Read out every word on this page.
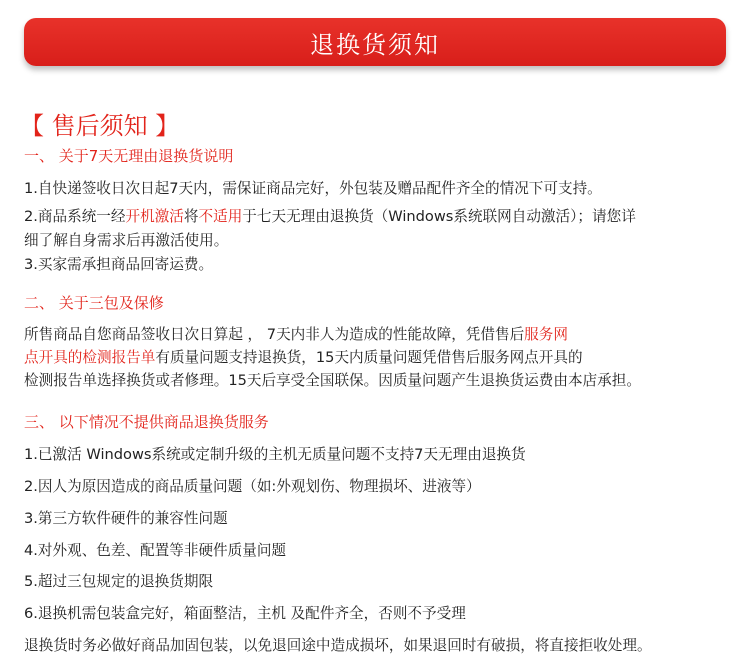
退换货须知
【 售后须知 】
一、 关于7天无理由退换货说明
1.自快递签收日次日起7天内，需保证商品完好，外包装及赠品配件齐全的情况下可支持。
2.商品系统一经开机激活将不适用于七天无理由退换货（Windows系统联网自动激活）；请您详
细了解自身需求后再激活使用。
3.买家需承担商品回寄运费。
二、 关于三包及保修
所售商品自您商品签收日次日算起 ， 7天内非人为造成的性能故障，凭借售后服务网
点开具的检测报告单有质量问题支持退换货，15天内质量问题凭借售后服务网点开具的
检测报告单选择换货或者修理。15天后享受全国联保。因质量问题产生退换货运费由本店承担。
三、 以下情况不提供商品退换货服务
1.已激活 Windows系统或定制升级的主机无质量问题不支持7天无理由退换货
2.因人为原因造成的商品质量问题（如:外观划伤、物理损坏、进液等）
3.第三方软件硬件的兼容性问题
4.对外观、色差、配置等非硬件质量问题
5.超过三包规定的退换货期限
6.退换机需包装盒完好，箱面整洁，主机 及配件齐全，否则不予受理
退换货时务必做好商品加固包装，以免退回途中造成损坏，如果退回时有破损，将直接拒收处理。
